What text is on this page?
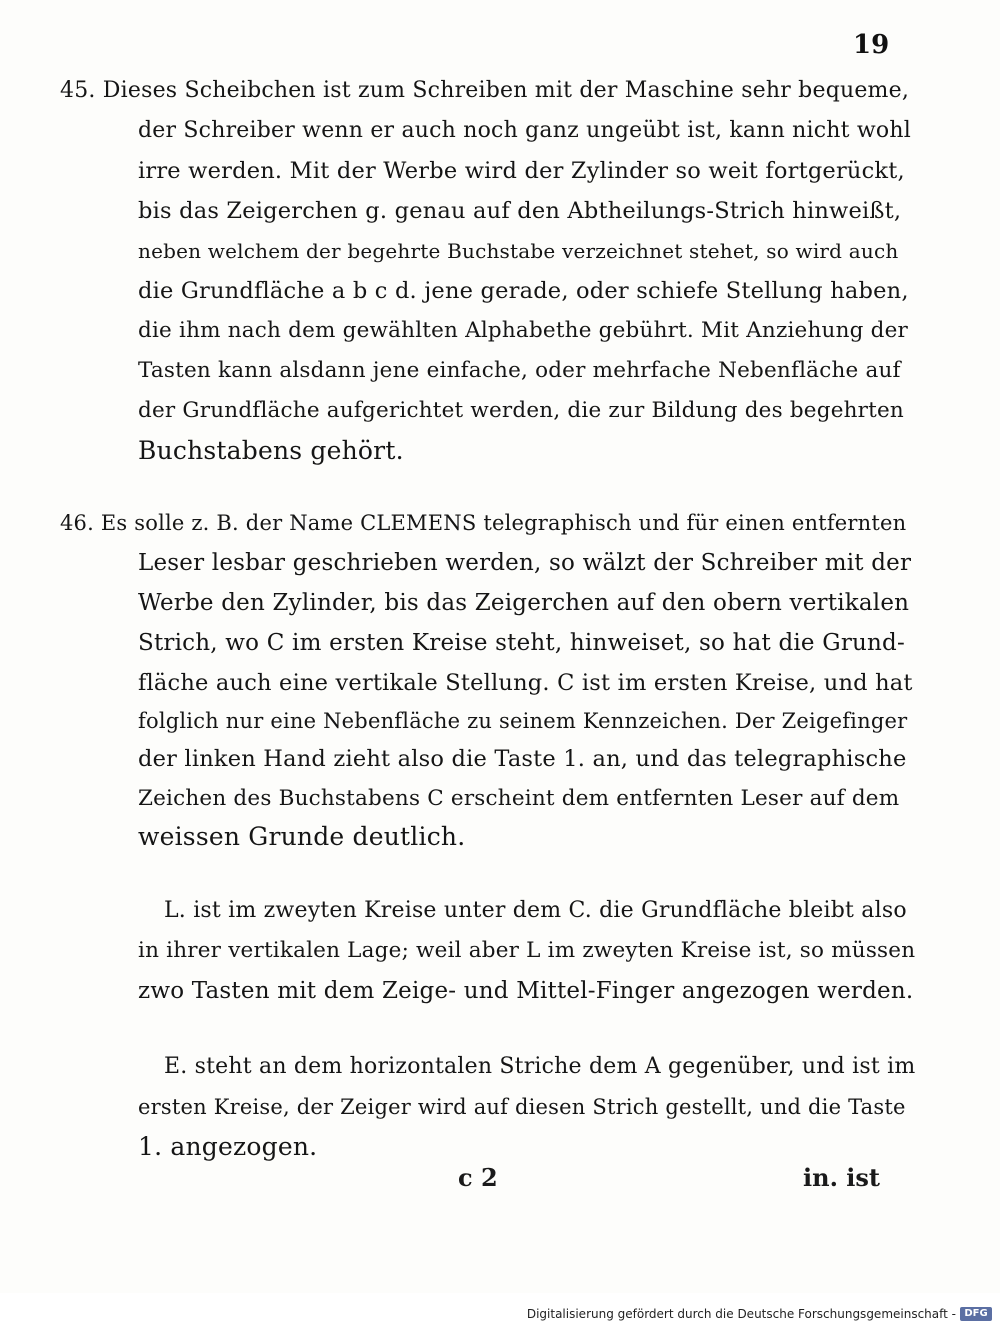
19
45. Dieses Scheibchen ist zum Schreiben mit der Maschine sehr bequeme,
der Schreiber wenn er auch noch ganz ungeübt ist, kann nicht wohl
irre werden. Mit der Werbe wird der Zylinder so weit fortgerückt,
bis das Zeigerchen g. genau auf den Abtheilungs-Strich hinweißt,
neben welchem der begehrte Buchstabe verzeichnet stehet, so wird auch
die Grundfläche a b c d. jene gerade, oder schiefe Stellung haben,
die ihm nach dem gewählten Alphabethe gebührt. Mit Anziehung der
Tasten kann alsdann jene einfache, oder mehrfache Nebenfläche auf
der Grundfläche aufgerichtet werden, die zur Bildung des begehrten
Buchstabens gehört.
46. Es solle z. B. der Name CLEMENS telegraphisch und für einen entfernten
Leser lesbar geschrieben werden, so wälzt der Schreiber mit der
Werbe den Zylinder, bis das Zeigerchen auf den obern vertikalen
Strich, wo C im ersten Kreise steht, hinweiset, so hat die Grund-
fläche auch eine vertikale Stellung. C ist im ersten Kreise, und hat
folglich nur eine Nebenfläche zu seinem Kennzeichen. Der Zeigefinger
der linken Hand zieht also die Taste 1. an, und das telegraphische
Zeichen des Buchstabens C erscheint dem entfernten Leser auf dem
weissen Grunde deutlich.
L. ist im zweyten Kreise unter dem C. die Grundfläche bleibt also
in ihrer vertikalen Lage; weil aber L im zweyten Kreise ist, so müssen
zwo Tasten mit dem Zeige- und Mittel-Finger angezogen werden.
E. steht an dem horizontalen Striche dem A gegenüber, und ist im
ersten Kreise, der Zeiger wird auf diesen Strich gestellt, und die Taste
1. angezogen.
c 2	in. ist
Digitalisierung gefördert durch die Deutsche Forschungsgemeinschaft - DFG
